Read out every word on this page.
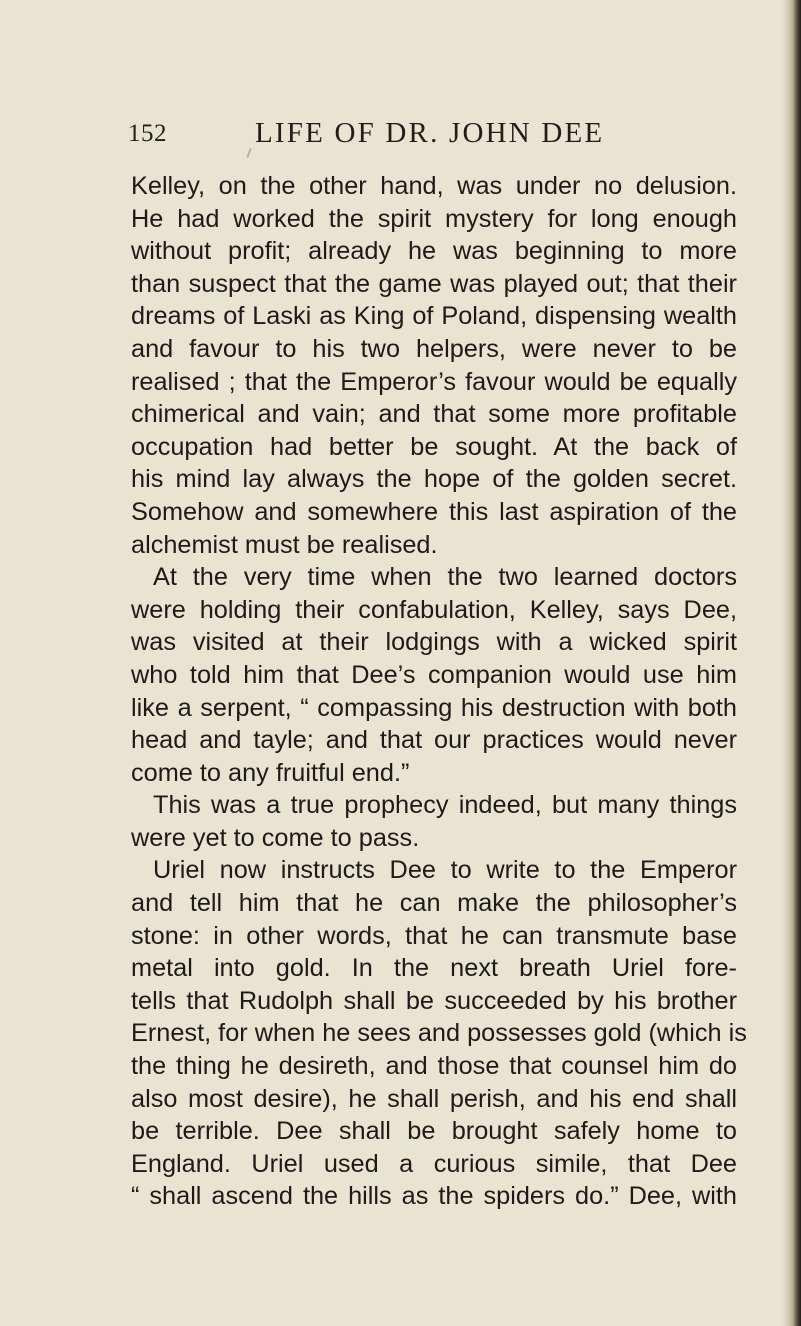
152	LIFE OF DR. JOHN DEE
Kelley, on the other hand, was under no delusion.
He had worked the spirit mystery for long enough
without profit; already he was beginning to more
than suspect that the game was played out; that their
dreams of Laski as King of Poland, dispensing wealth
and favour to his two helpers, were never to be
realised ; that the Emperor’s favour would be equally
chimerical and vain; and that some more profitable
occupation had better be sought. At the back of
his mind lay always the hope of the golden secret.
Somehow and somewhere this last aspiration of the
alchemist must be realised.
At the very time when the two learned doctors
were holding their confabulation, Kelley, says Dee,
was visited at their lodgings with a wicked spirit
who told him that Dee’s companion would use him
like a serpent, “ compassing his destruction with both
head and tayle; and that our practices would never
come to any fruitful end.”
This was a true prophecy indeed, but many things
were yet to come to pass.
Uriel now instructs Dee to write to the Emperor
and tell him that he can make the philosopher’s
stone: in other words, that he can transmute base
metal into gold. In the next breath Uriel fore-
tells that Rudolph shall be succeeded by his brother
Ernest, for when he sees and possesses gold (which is
the thing he desireth, and those that counsel him do
also most desire), he shall perish, and his end shall
be terrible. Dee shall be brought safely home to
England. Uriel used a curious simile, that Dee
“ shall ascend the hills as the spiders do.” Dee, with
